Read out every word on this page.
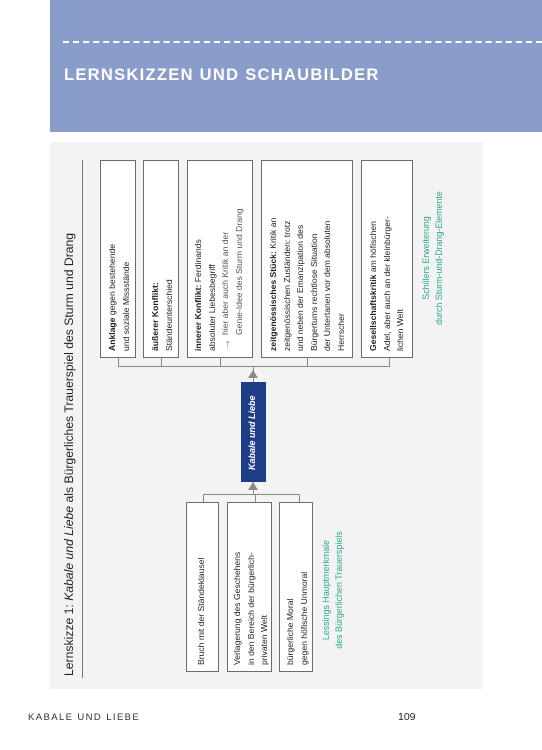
LERNSKIZZEN UND SCHAUBILDER
Lernskizze 1: Kabale und Liebe als Bürgerliches Trauerspiel des Sturm und Drang	Anklage gegen bestehende und soziale Missstände äußerer Konflikt: Ständeunterschied innerer Konflikt: Ferdinands
absoluter Liebesbegriff →
hier aber auch Kritik an der Genie-Idee des Sturm und Drang	zeitgenössisches Stück: Kritik an zeitgenössischen Zuständen: trotz und neben der Emanzipation des Bürgertums rechtlose Situation der Untertanen vor dem absoluten Herrscher	Gesellschaftskritik am höfischen Adel, aber auch an der kleinbürger- lichen Welt
Schillers Erweiterung durch Sturm-und-Drang-Elemente
Kabale und Liebe
Bruch mit der Ständeklausel	Verlagerung des Geschehens in den Bereich der bürgerlich- privaten Welt bürgerliche Moral gegen höfische Unmoral Lessings Hauptmerkmale des Bürgerlichen Trauerspiels
KABALE UND LIEBE	109
